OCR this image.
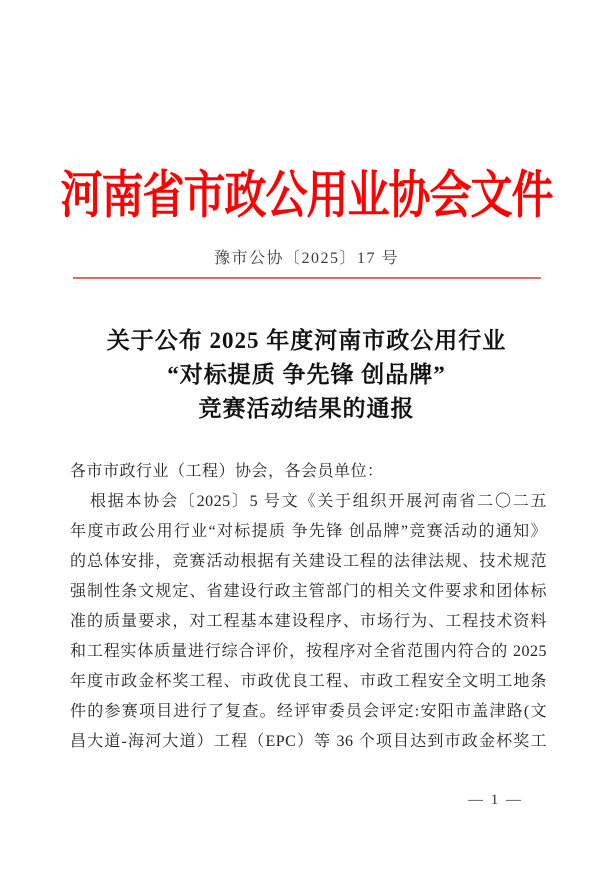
河南省市政公用业协会文件
豫市公协〔2025〕17 号
关于公布 2025 年度河南市政公用行业
“对标提质 争先锋 创品牌”
竞赛活动结果的通报
各市市政行业（工程）协会，各会员单位：
根据本协会〔2025〕5 号文《关于组织开展河南省二〇二五
年度市政公用行业“对标提质 争先锋 创品牌”竞赛活动的通知》
的总体安排，竞赛活动根据有关建设工程的法律法规、技术规范
强制性条文规定、省建设行政主管部门的相关文件要求和团体标
准的质量要求，对工程基本建设程序、市场行为、工程技术资料
和工程实体质量进行综合评价，按程序对全省范围内符合的 2025
年度市政金杯奖工程、市政优良工程、市政工程安全文明工地条
件的参赛项目进行了复查。经评审委员会评定:安阳市盖津路(文
昌大道-海河大道）工程（EPC）等 36 个项目达到市政金杯奖工
— 1 —
